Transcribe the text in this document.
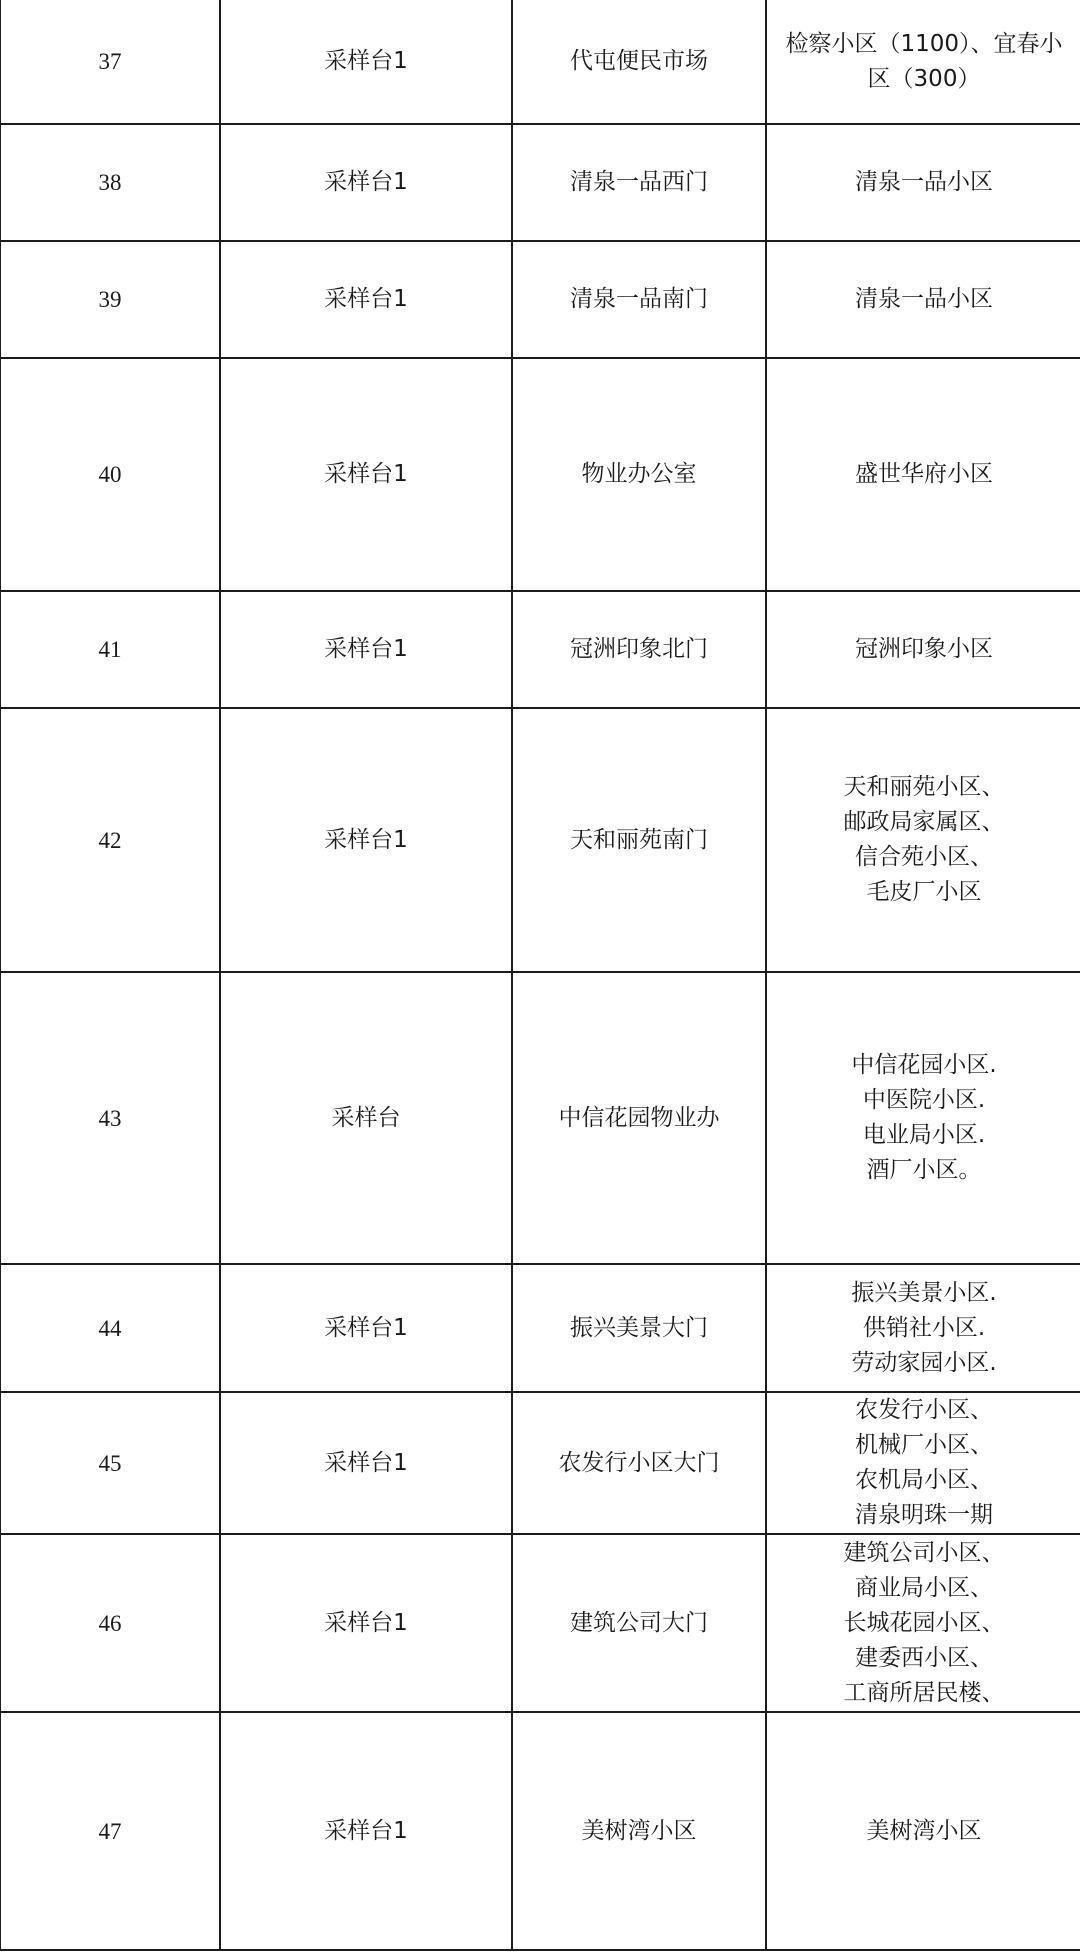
37	采样台1	代屯便民市场	检察小区（1100）、宜春小
区（300）

38	采样台1	清泉一品西门	清泉一品小区

39	采样台1	清泉一品南门	清泉一品小区

40	采样台1	物业办公室	盛世华府小区

41	采样台1	冠洲印象北门	冠洲印象小区

42	采样台1	天和丽苑南门	天和丽苑小区、
邮政局家属区、
信合苑小区、
毛皮厂小区

43	采样台	中信花园物业办	中信花园小区.
中医院小区.
电业局小区.
酒厂小区。

44	采样台1	振兴美景大门	振兴美景小区.
供销社小区.
劳动家园小区.

45	采样台1	农发行小区大门	农发行小区、
机械厂小区、
农机局小区、
清泉明珠一期

46	采样台1	建筑公司大门	建筑公司小区、
商业局小区、
长城花园小区、
建委西小区、
工商所居民楼、

47	采样台1	美树湾小区	美树湾小区
